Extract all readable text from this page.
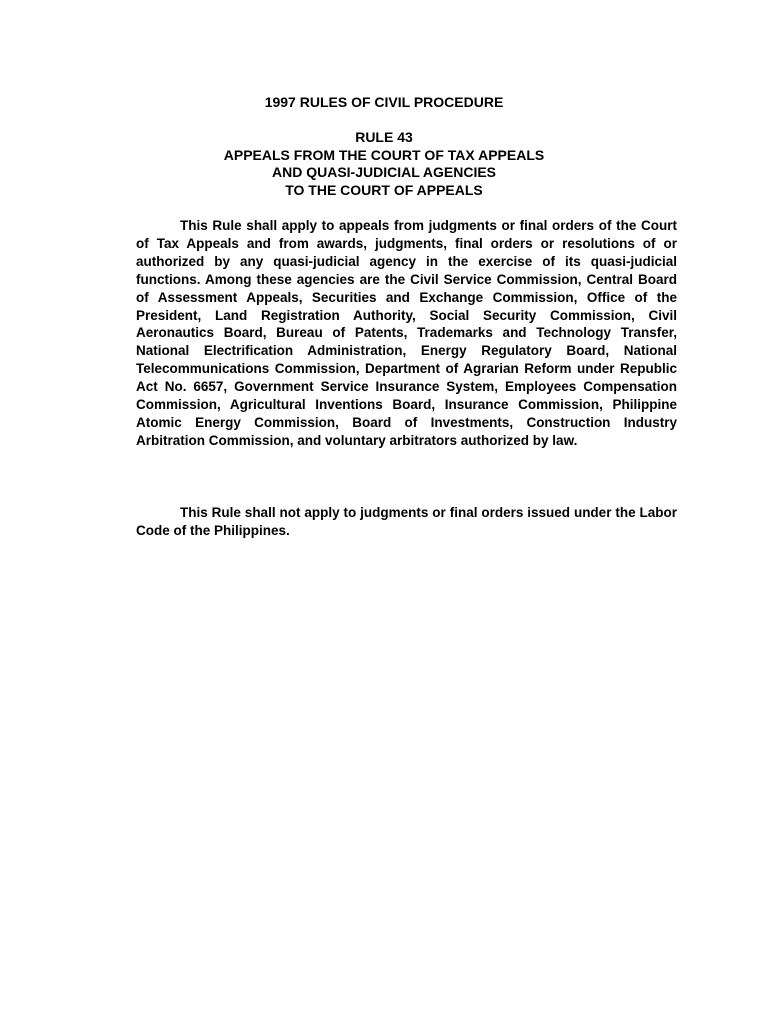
1997 RULES OF CIVIL PROCEDURE
RULE 43
APPEALS FROM THE COURT OF TAX APPEALS
AND QUASI-JUDICIAL AGENCIES
TO THE COURT OF APPEALS

This Rule shall apply to appeals from judgments or final orders of the Court of Tax Appeals and from awards, judgments, final orders or resolutions of or authorized by any quasi-judicial agency in the exercise of its quasi-judicial functions. Among these agencies are the Civil Service Commission, Central Board of Assessment Appeals, Securities and Exchange Commission, Office of the President, Land Registration Authority, Social Security Commission, Civil Aeronautics Board, Bureau of Patents, Trademarks and Technology Transfer, National Electrification Administration, Energy Regulatory Board, National Telecommunications Commission, Department of Agrarian Reform under Republic Act No. 6657, Government Service Insurance System, Employees Compensation Commission, Agricultural Inventions Board, Insurance Commission, Philippine Atomic Energy Commission, Board of Investments, Construction Industry Arbitration Commission, and voluntary arbitrators authorized by law.

This Rule shall not apply to judgments or final orders issued under the Labor Code of the Philippines.
